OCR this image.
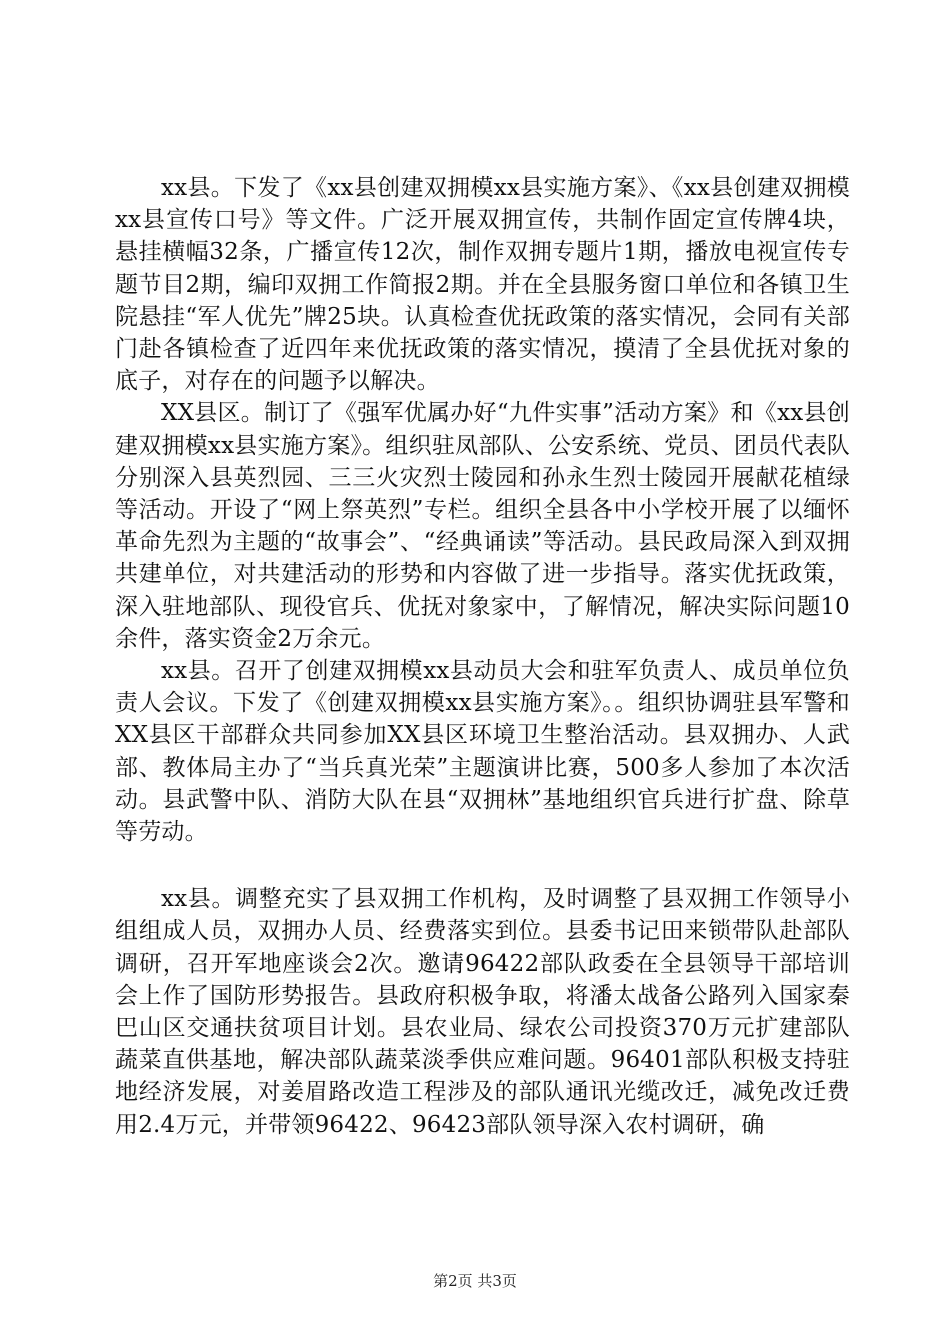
xx县。下发了《xx县创建双拥模xx县实施方案》、《xx县创建双拥模xx县宣传口号》等文件。广泛开展双拥宣传，共制作固定宣传牌4块，悬挂横幅32条，广播宣传12次，制作双拥专题片1期，播放电视宣传专题节目2期，编印双拥工作简报2期。并在全县服务窗口单位和各镇卫生院悬挂“军人优先”牌25块。认真检查优抚政策的落实情况，会同有关部门赴各镇检查了近四年来优抚政策的落实情况，摸清了全县优抚对象的底子，对存在的问题予以解决。

XX县区。制订了《强军优属办好“九件实事”活动方案》和《xx县创建双拥模xx县实施方案》。组织驻凤部队、公安系统、党员、团员代表队分别深入县英烈园、三三火灾烈士陵园和孙永生烈士陵园开展献花植绿等活动。开设了“网上祭英烈”专栏。组织全县各中小学校开展了以缅怀革命先烈为主题的“故事会”、“经典诵读”等活动。县民政局深入到双拥共建单位，对共建活动的形势和内容做了进一步指导。落实优抚政策，深入驻地部队、现役官兵、优抚对象家中，了解情况，解决实际问题10余件，落实资金2万余元。

xx县。召开了创建双拥模xx县动员大会和驻军负责人、成员单位负责人会议。下发了《创建双拥模xx县实施方案》。。组织协调驻县军警和XX县区干部群众共同参加XX县区环境卫生整治活动。县双拥办、人武部、教体局主办了“当兵真光荣”主题演讲比赛，500多人参加了本次活动。县武警中队、消防大队在县“双拥林”基地组织官兵进行扩盘、除草等劳动。

xx县。调整充实了县双拥工作机构，及时调整了县双拥工作领导小组组成人员，双拥办人员、经费落实到位。县委书记田来锁带队赴部队调研，召开军地座谈会2次。邀请96422部队政委在全县领导干部培训会上作了国防形势报告。县政府积极争取，将潘太战备公路列入国家秦巴山区交通扶贫项目计划。县农业局、绿农公司投资370万元扩建部队蔬菜直供基地，解决部队蔬菜淡季供应难问题。96401部队积极支持驻地经济发展，对姜眉路改造工程涉及的部队通讯光缆改迁，减免改迁费用2.4万元，并带领96422、96423部队领导深入农村调研，确

第2页 共3页
